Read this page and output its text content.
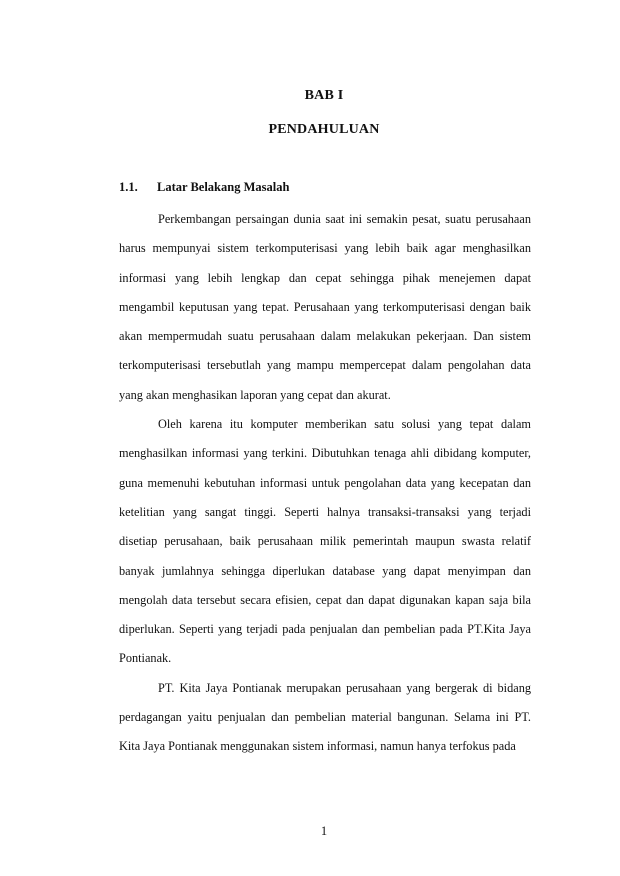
BAB I
PENDAHULUAN
1.1. Latar Belakang Masalah

Perkembangan persaingan dunia saat ini semakin pesat, suatu perusahaan harus mempunyai sistem terkomputerisasi yang lebih baik agar menghasilkan informasi yang lebih lengkap dan cepat sehingga pihak menejemen dapat mengambil keputusan yang tepat. Perusahaan yang terkomputerisasi dengan baik akan mempermudah suatu perusahaan dalam melakukan pekerjaan. Dan sistem terkomputerisasi tersebutlah yang mampu mempercepat dalam pengolahan data yang akan menghasikan laporan yang cepat dan akurat.

Oleh karena itu komputer memberikan satu solusi yang tepat dalam menghasilkan informasi yang terkini. Dibutuhkan tenaga ahli dibidang komputer, guna memenuhi kebutuhan informasi untuk pengolahan data yang kecepatan dan ketelitian yang sangat tinggi. Seperti halnya transaksi-transaksi yang terjadi disetiap perusahaan, baik perusahaan milik pemerintah maupun swasta relatif banyak jumlahnya sehingga diperlukan database yang dapat menyimpan dan mengolah data tersebut secara efisien, cepat dan dapat digunakan kapan saja bila diperlukan. Seperti yang terjadi pada penjualan dan pembelian pada PT.Kita Jaya Pontianak.

PT. Kita Jaya Pontianak merupakan perusahaan yang bergerak di bidang perdagangan yaitu penjualan dan pembelian material bangunan. Selama ini PT. Kita Jaya Pontianak menggunakan sistem informasi, namun hanya terfokus pada

1
